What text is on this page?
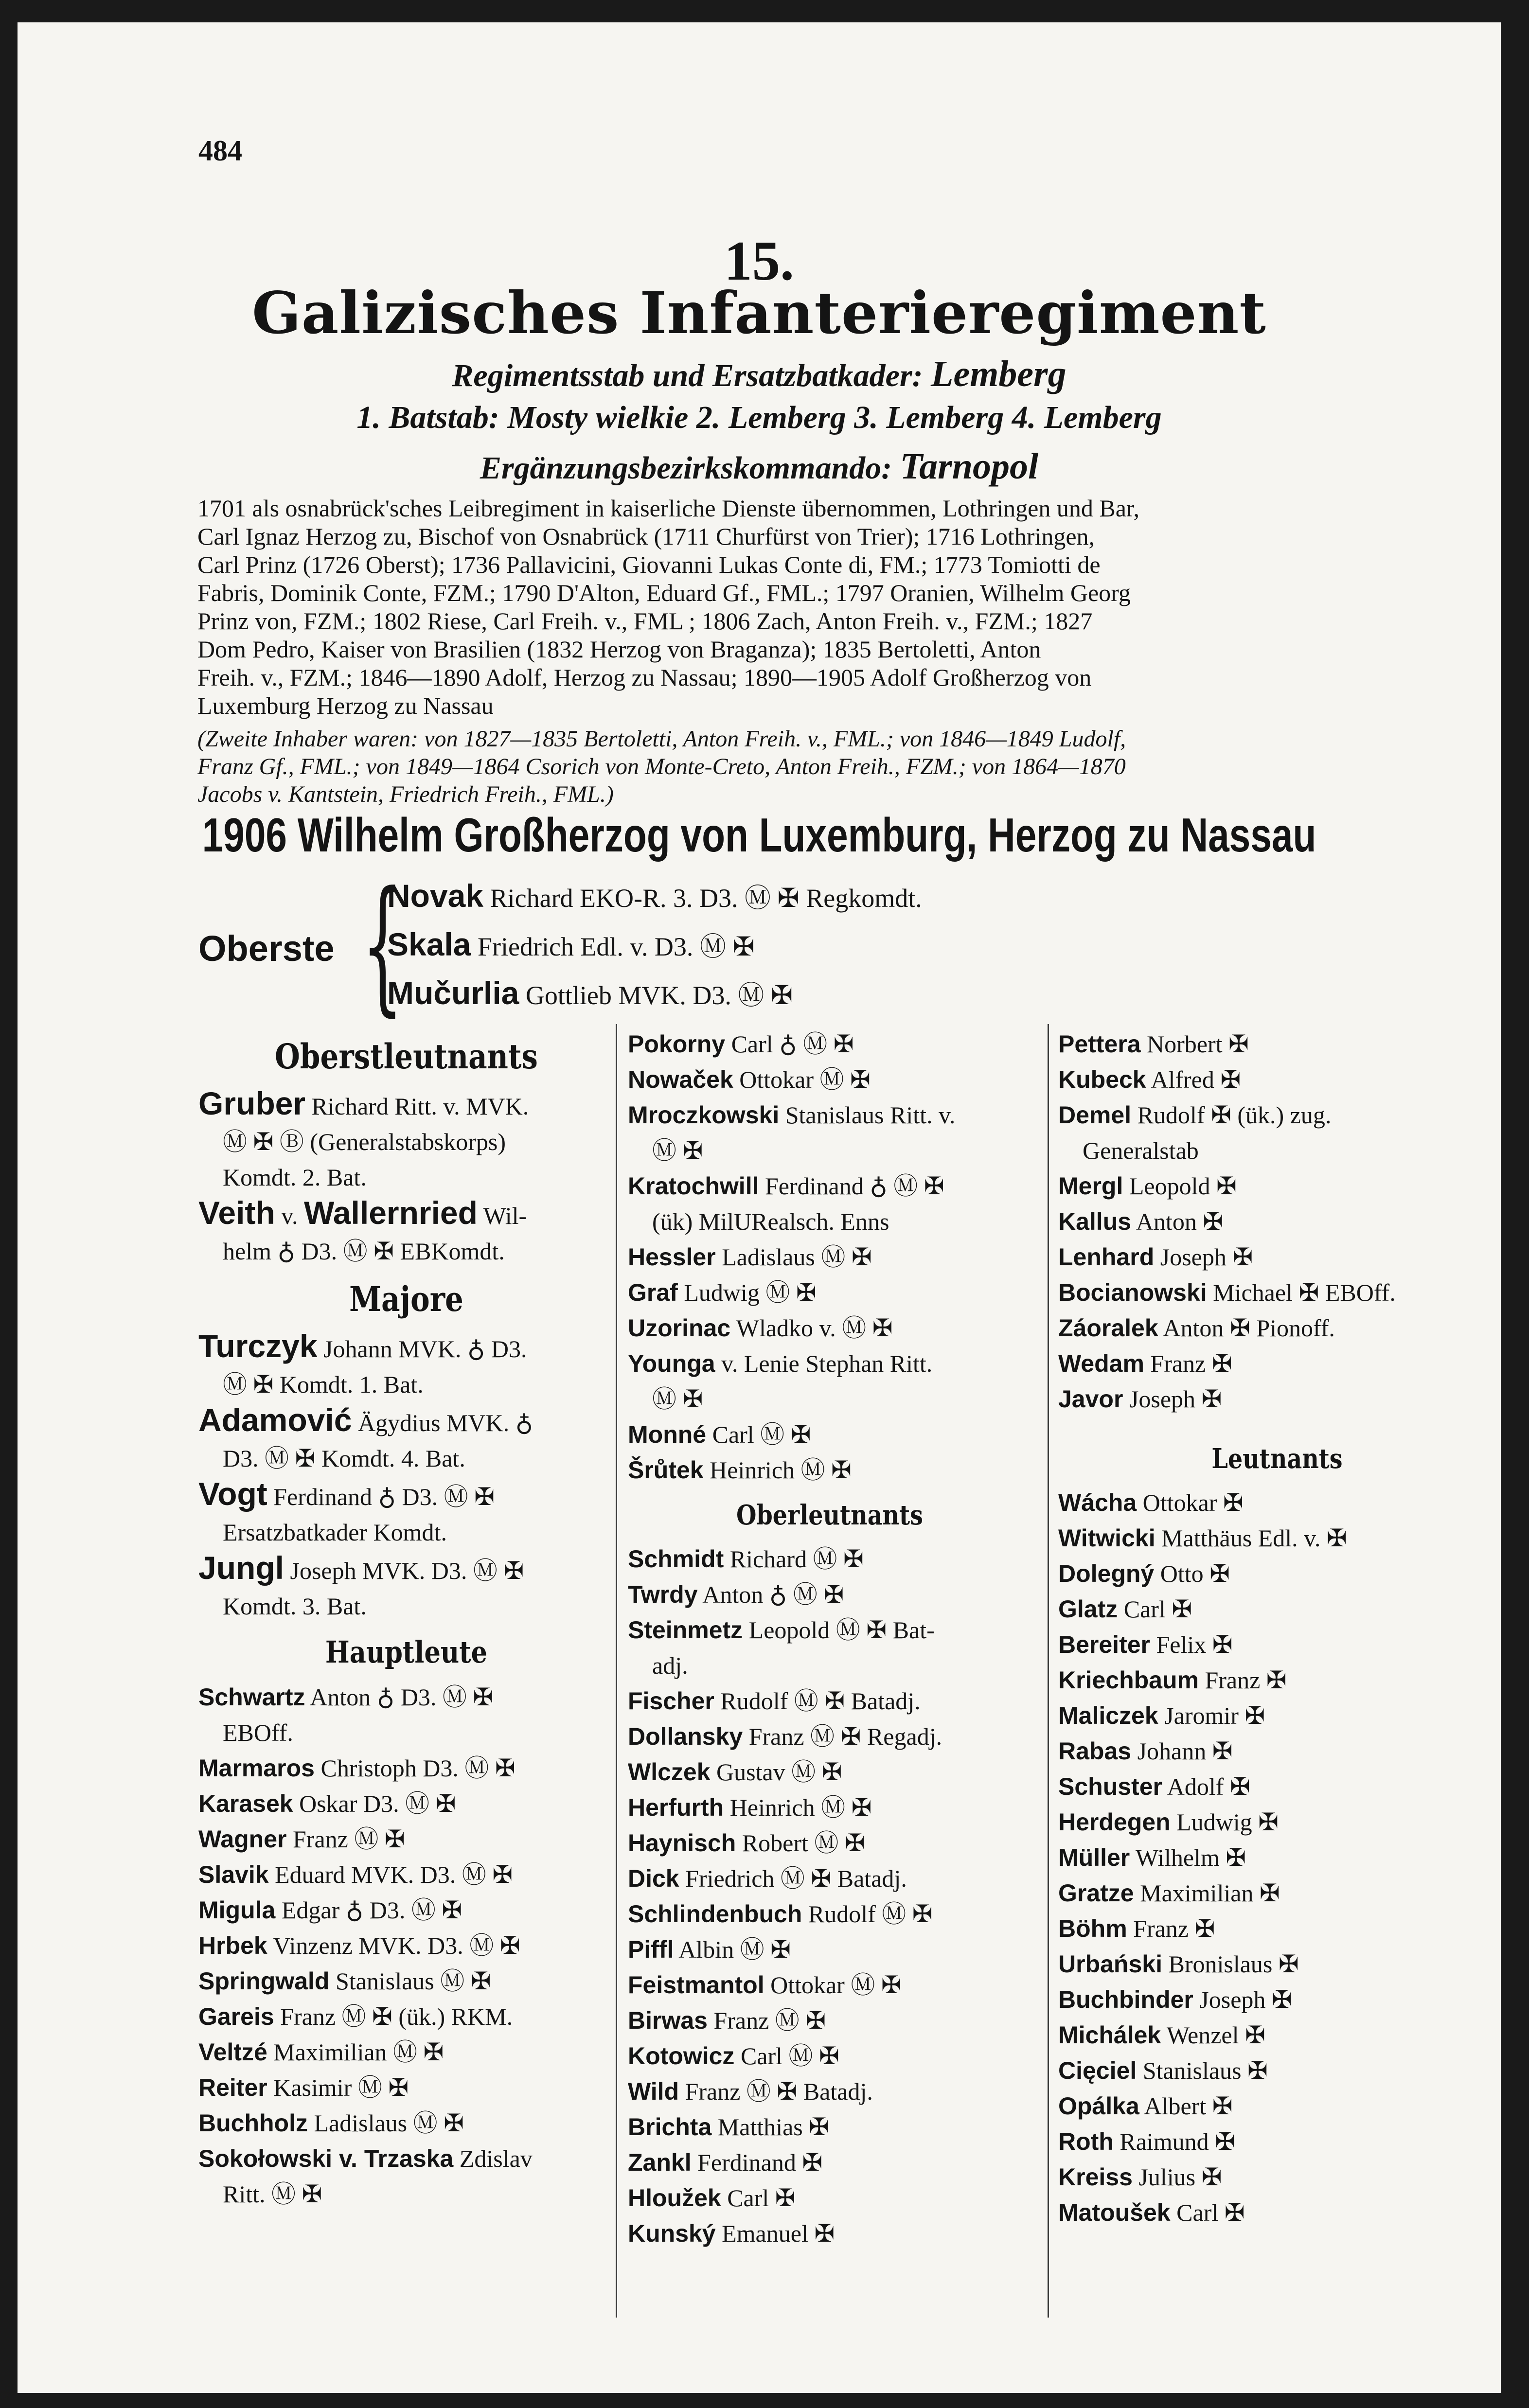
484
15.
Galizisches Infanterieregiment
Regimentsstab und Ersatzbatkader: Lemberg
1. Batstab: Mosty wielkie 2. Lemberg 3. Lemberg 4. Lemberg
Ergänzungsbezirkskommando: Tarnopol

1701 als osnabrück'sches Leibregiment in kaiserliche Dienste übernommen, Lothringen und Bar,

Carl Ignaz Herzog zu, Bischof von Osnabrück (1711 Churfürst von Trier); 1716 Lothringen,

Carl Prinz (1726 Oberst); 1736 Pallavicini, Giovanni Lukas Conte di, FM.; 1773 Tomiotti de

Fabris, Dominik Conte, FZM.; 1790 D'Alton, Eduard Gf., FML.; 1797 Oranien, Wilhelm Georg

Prinz von, FZM.; 1802 Riese, Carl Freih. v., FML ; 1806 Zach, Anton Freih. v., FZM.; 1827

Dom Pedro, Kaiser von Brasilien (1832 Herzog von Braganza); 1835 Bertoletti, Anton

Freih. v., FZM.; 1846—1890 Adolf, Herzog zu Nassau; 1890—1905 Adolf Großherzog von

Luxemburg Herzog zu Nassau

(Zweite Inhaber waren: von 1827—1835 Bertoletti, Anton Freih. v., FML.; von 1846—1849 Ludolf,

Franz Gf., FML.; von 1849—1864 Csorich von Monte-Creto, Anton Freih., FZM.; von 1864—1870

Jacobs v. Kantstein, Friedrich Freih., FML.)

1906 Wilhelm Großherzog von Luxemburg, Herzog zu Nassau
Oberste {
Novak Richard EKO-R. 3. D3. Ⓜ ✠ Regkomdt.
Skala Friedrich Edl. v. D3. Ⓜ ✠
Mučurlia Gottlieb MVK. D3. Ⓜ ✠
Oberstleutnants
Gruber Richard Ritt. v. MVK.
Ⓜ ✠ Ⓑ (Generalstabskorps)
Komdt. 2. Bat.
Veith v. Wallernried Wil-
helm ♁ D3. Ⓜ ✠ EBKomdt.
Majore
Turczyk Johann MVK. ♁ D3.
Ⓜ ✠ Komdt. 1. Bat.
Adamović Ägydius MVK. ♁
D3. Ⓜ ✠ Komdt. 4. Bat.
Vogt Ferdinand ♁ D3. Ⓜ ✠
Ersatzbatkader Komdt.
Jungl Joseph MVK. D3. Ⓜ ✠
Komdt. 3. Bat.
Hauptleute
Schwartz Anton ♁ D3. Ⓜ ✠
EBOff.
Marmaros Christoph D3. Ⓜ ✠
Karasek Oskar D3. Ⓜ ✠
Wagner Franz Ⓜ ✠
Slavik Eduard MVK. D3. Ⓜ ✠
Migula Edgar ♁ D3. Ⓜ ✠
Hrbek Vinzenz MVK. D3. Ⓜ ✠
Springwald Stanislaus Ⓜ ✠
Gareis Franz Ⓜ ✠ (ük.) RKM.
Veltzé Maximilian Ⓜ ✠
Reiter Kasimir Ⓜ ✠
Buchholz Ladislaus Ⓜ ✠
Sokołowski v. Trzaska Zdislav
Ritt. Ⓜ ✠
Pokorny Carl ♁ Ⓜ ✠
Nowaček Ottokar Ⓜ ✠
Mroczkowski Stanislaus Ritt. v.
Ⓜ ✠
Kratochwill Ferdinand ♁ Ⓜ ✠
(ük) MilURealsch. Enns
Hessler Ladislaus Ⓜ ✠
Graf Ludwig Ⓜ ✠
Uzorinac Wladko v. Ⓜ ✠
Younga v. Lenie Stephan Ritt.
Ⓜ ✠
Monné Carl Ⓜ ✠
Šrůtek Heinrich Ⓜ ✠
Oberleutnants
Schmidt Richard Ⓜ ✠
Twrdy Anton ♁ Ⓜ ✠
Steinmetz Leopold Ⓜ ✠ Bat-
adj.
Fischer Rudolf Ⓜ ✠ Batadj.
Dollansky Franz Ⓜ ✠ Regadj.
Wlczek Gustav Ⓜ ✠
Herfurth Heinrich Ⓜ ✠
Haynisch Robert Ⓜ ✠
Dick Friedrich Ⓜ ✠ Batadj.
Schlindenbuch Rudolf Ⓜ ✠
Piffl Albin Ⓜ ✠
Feistmantol Ottokar Ⓜ ✠
Birwas Franz Ⓜ ✠
Kotowicz Carl Ⓜ ✠
Wild Franz Ⓜ ✠ Batadj.
Brichta Matthias ✠
Zankl Ferdinand ✠
Hloužek Carl ✠
Kunský Emanuel ✠
Pettera Norbert ✠
Kubeck Alfred ✠
Demel Rudolf ✠ (ük.) zug.
Generalstab
Mergl Leopold ✠
Kallus Anton ✠
Lenhard Joseph ✠
Bocianowski Michael ✠ EBOff.
Záoralek Anton ✠ Pionoff.
Wedam Franz ✠
Javor Joseph ✠
Leutnants
Wácha Ottokar ✠
Witwicki Matthäus Edl. v. ✠
Dolegný Otto ✠
Glatz Carl ✠
Bereiter Felix ✠
Kriechbaum Franz ✠
Maliczek Jaromir ✠
Rabas Johann ✠
Schuster Adolf ✠
Herdegen Ludwig ✠
Müller Wilhelm ✠
Gratze Maximilian ✠
Böhm Franz ✠
Urbański Bronislaus ✠
Buchbinder Joseph ✠
Michálek Wenzel ✠
Cięciel Stanislaus ✠
Opálka Albert ✠
Roth Raimund ✠
Kreiss Julius ✠
Matoušek Carl ✠
